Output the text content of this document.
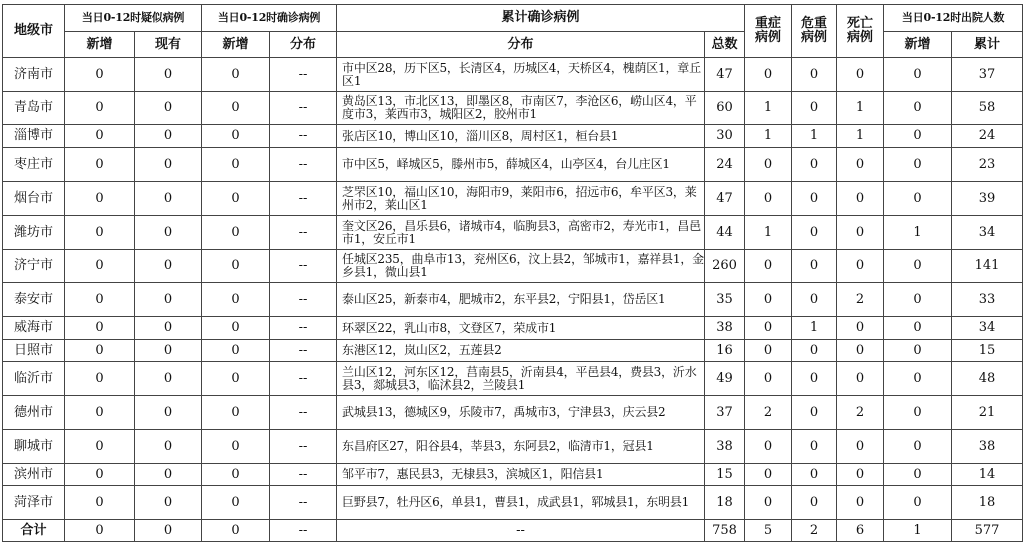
地级市	当日0-12时疑似病例		当日0-12时确诊病例		累计确诊病例		重症病例	危重病例	死亡病例	当日0-12时出院人数	
	新增	现有	新增	分布	分布	总数				新增	累计
济南市	0	0	0	--	市中区28，历下区5，长清区4，历城区4，天桥区4，槐荫区1，章丘区1	47	0	0	0	0	37
青岛市	0	0	0	--	黄岛区13，市北区13，即墨区8，市南区7，李沧区6，崂山区4，平度市3，莱西市3，城阳区2，胶州市1	60	1	0	1	0	58
淄博市	0	0	0	--	张店区10，博山区10，淄川区8，周村区1，桓台县1	30	1	1	1	0	24
枣庄市	0	0	0	--	市中区5，峄城区5，滕州市5，薛城区4，山亭区4，台儿庄区1	24	0	0	0	0	23
烟台市	0	0	0	--	芝罘区10，福山区10，海阳市9，莱阳市6，招远市6，牟平区3，莱州市2，莱山区1	47	0	0	0	0	39
潍坊市	0	0	0	--	奎文区26，昌乐县6，诸城市4，临朐县3，高密市2，寿光市1，昌邑市1，安丘市1	44	1	0	0	1	34
济宁市	0	0	0	--	任城区235，曲阜市13，兖州区6，汶上县2，邹城市1，嘉祥县1，金乡县1，微山县1	260	0	0	0	0	141
泰安市	0	0	0	--	泰山区25，新泰市4，肥城市2，东平县2，宁阳县1，岱岳区1	35	0	0	2	0	33
威海市	0	0	0	--	环翠区22，乳山市8，文登区7，荣成市1	38	0	1	0	0	34
日照市	0	0	0	--	东港区12，岚山区2，五莲县2	16	0	0	0	0	15
临沂市	0	0	0	--	兰山区12，河东区12，莒南县5，沂南县4，平邑县4，费县3，沂水县3，郯城县3，临沭县2，兰陵县1	49	0	0	0	0	48
德州市	0	0	0	--	武城县13，德城区9，乐陵市7，禹城市3，宁津县3，庆云县2	37	2	0	2	0	21
聊城市	0	0	0	--	东昌府区27，阳谷县4，莘县3，东阿县2，临清市1，冠县1	38	0	0	0	0	38
滨州市	0	0	0	--	邹平市7，惠民县3，无棣县3，滨城区1，阳信县1	15	0	0	0	0	14
菏泽市	0	0	0	--	巨野县7，牡丹区6，单县1，曹县1，成武县1，郓城县1，东明县1	18	0	0	0	0	18
合计	0	0	0	--	--	758	5	2	6	1	577
